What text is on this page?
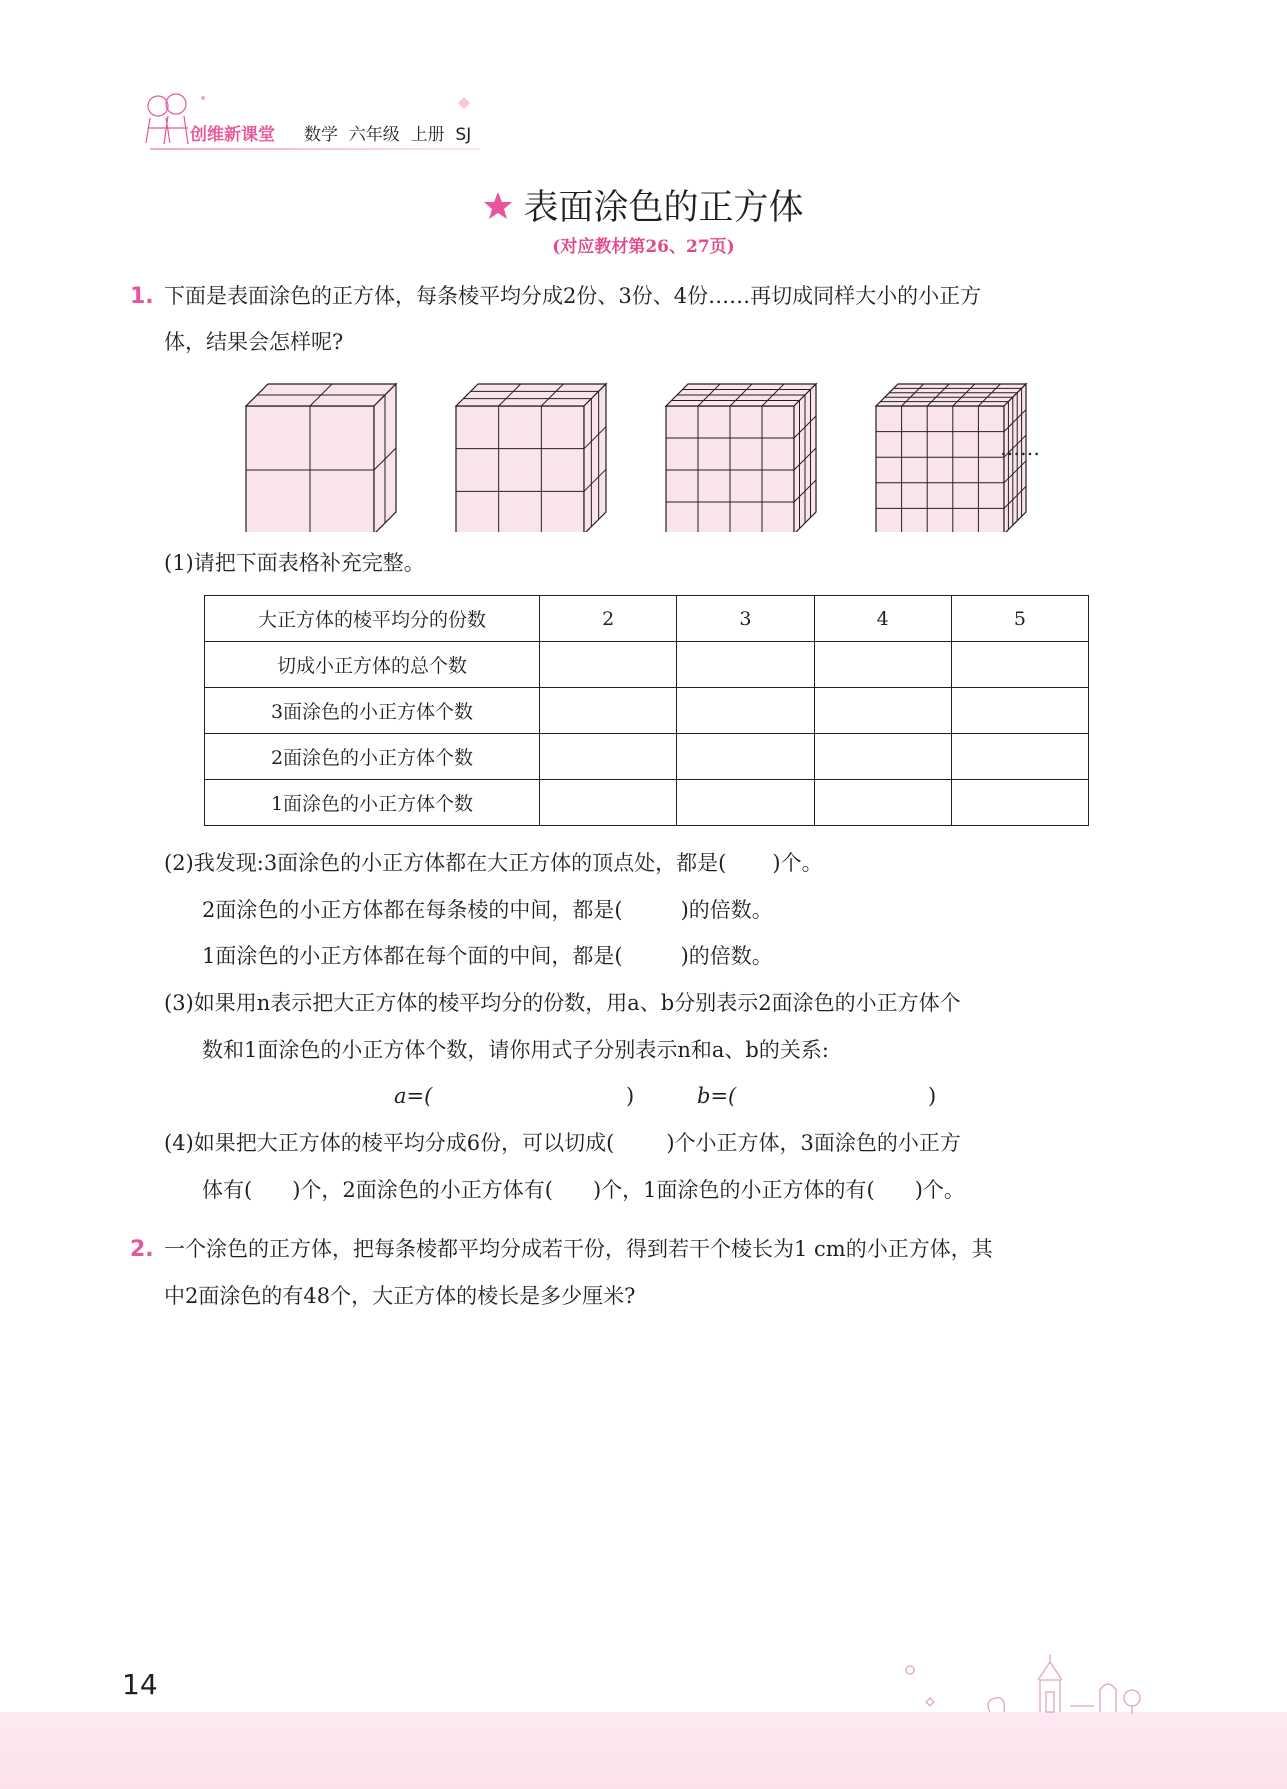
创维新课堂 数学  六年级  上册  SJ
表面涂色的正方体
(对应教材第26、27页)
1. 下面是表面涂色的正方体，每条棱平均分成2份、3份、4份……再切成同样大小的小正方
体，结果会怎样呢?
……
(1)请把下面表格补充完整。
大正方体的棱平均分的份数	2	3	4	5
切成小正方体的总个数				
3面涂色的小正方体个数				
2面涂色的小正方体个数				
1面涂色的小正方体个数				
(2)我发现:3面涂色的小正方体都在大正方体的顶点处，都是( )个。
2面涂色的小正方体都在每条棱的中间，都是(	)的倍数。
1面涂色的小正方体都在每个面的中间，都是(	)的倍数。
(3)如果用n表示把大正方体的棱平均分的份数，用a、b分别表示2面涂色的小正方体个
数和1面涂色的小正方体个数，请你用式子分别表示n和a、b的关系:
a=(	)	b=(	)
(4)如果把大正方体的棱平均分成6份，可以切成( )个小正方体，3面涂色的小正方
体有( )个，2面涂色的小正方体有( )个，1面涂色的小正方体的有( )个。
2. 一个涂色的正方体，把每条棱都平均分成若干份，得到若干个棱长为1 cm的小正方体，其
中2面涂色的有48个，大正方体的棱长是多少厘米?
14
